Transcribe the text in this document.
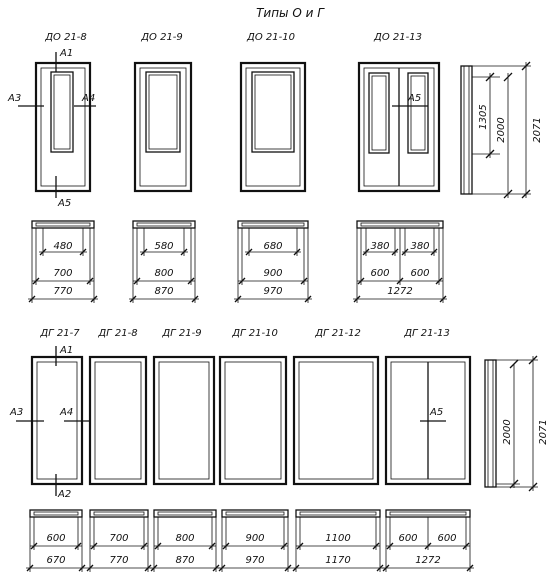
Типы О и Г
ДО 21-8	ДО 21-9	ДО 21-10	ДО 21-13
А1
А3	А4
А5
А5
1305
2000	2071
480
700
770
580
800
870
680
900
970
380 380
600 600
1272
ДГ 21-7 ДГ 21-8 ДГ 21-9	ДГ 21-10	ДГ 21-12	ДГ 21-13
А1
А3	А4
А2
А5
2000	2071
600
670
700
770
800
870
900
970
1100
1170
600 600
1272
